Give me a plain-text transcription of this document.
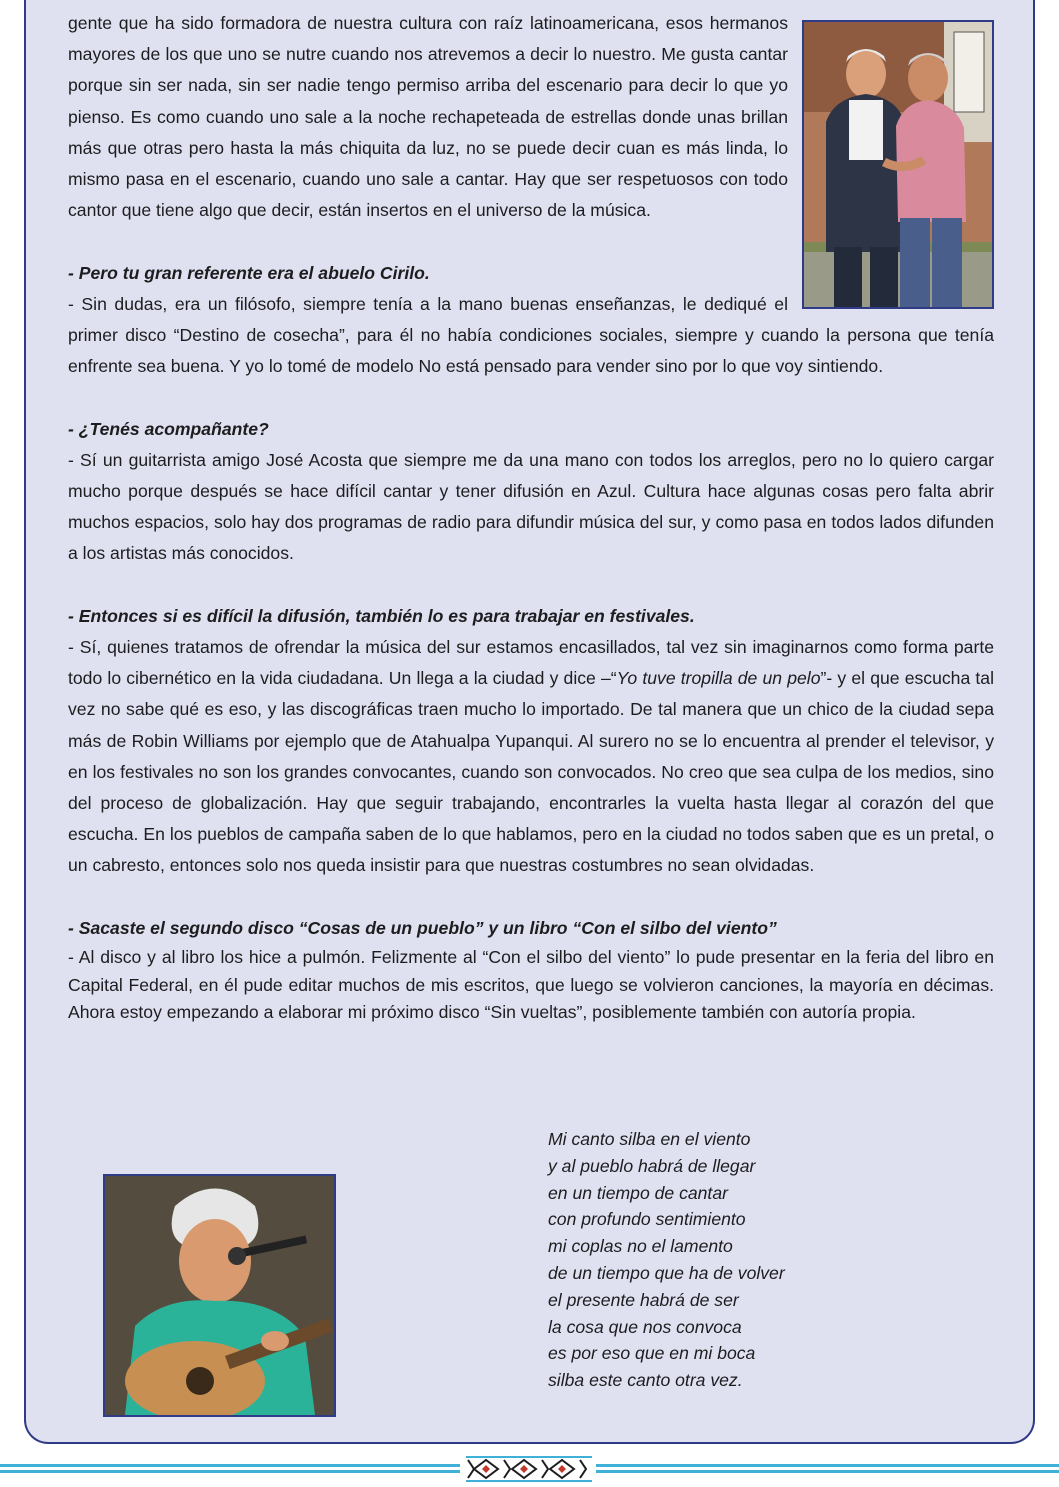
gente que ha sido formadora de nuestra cultura con raíz latinoamericana, esos hermanos mayores de los que uno se nutre cuando nos atrevemos a decir lo nuestro. Me gusta cantar porque sin ser nada, sin ser nadie tengo permiso arriba del escenario para decir lo que yo pienso. Es como cuando uno sale a la noche rechapeteada de estrellas donde unas brillan más que otras pero hasta la más chiquita da luz, no se puede decir cuan es más linda, lo mismo pasa en el escenario, cuando uno sale a cantar. Hay que ser respetuosos con todo cantor que tiene algo que decir, están insertos en el universo de la música.

- Pero tu gran referente era el abuelo Cirilo.

- Sin dudas, era un filósofo, siempre tenía a la mano buenas enseñanzas, le dediqué el primer disco “Destino de cosecha”, para él no había condiciones sociales, siempre y cuando la persona que tenía enfrente sea buena. Y yo lo tomé de modelo No está pensado para vender sino por lo que voy sintiendo.

- ¿Tenés acompañante?

- Sí un guitarrista amigo José Acosta que siempre me da una mano con todos los arreglos, pero no lo quiero cargar mucho porque después se hace difícil cantar y tener difusión en Azul. Cultura hace algunas cosas pero falta abrir muchos espacios, solo hay dos programas de radio para difundir música del sur, y como pasa en todos lados difunden a los artistas más conocidos.

- Entonces si es difícil la difusión, también lo es para trabajar en festivales.

- Sí, quienes tratamos de ofrendar la música del sur estamos encasillados, tal vez sin imaginarnos como forma parte todo lo cibernético en la vida ciudadana. Un llega a la ciudad y dice –“Yo tuve tropilla de un pelo”- y el que escucha tal vez no sabe qué es eso, y las discográficas traen mucho lo importado. De tal manera que un chico de la ciudad sepa más de Robin Williams por ejemplo que de Atahualpa Yupanqui. Al surero no se lo encuentra al prender el televisor, y en los festivales no son los grandes convocantes, cuando son convocados. No creo que sea culpa de los medios, sino del proceso de globalización. Hay que seguir trabajando, encontrarles la vuelta hasta llegar al corazón del que escucha. En los pueblos de campaña saben de lo que hablamos, pero en la ciudad no todos saben que es un pretal, o un cabresto, entonces solo nos queda insistir para que nuestras costumbres no sean olvidadas.

- Sacaste el segundo disco “Cosas de un pueblo” y un libro “Con el silbo del viento”

- Al disco y al libro los hice a pulmón. Felizmente al “Con el silbo del viento” lo pude presentar en la feria del libro en Capital Federal, en él pude editar muchos de mis escritos, que luego se volvieron canciones, la mayoría en décimas. Ahora estoy empezando a elaborar mi próximo disco “Sin vueltas”, posiblemente también con autoría propia.

Mi canto silba en el viento
y al pueblo habrá de llegar
en un tiempo de cantar
con profundo sentimiento
mi coplas no el lamento
de un tiempo que ha de volver
el presente habrá de ser
la cosa que nos convoca
es por eso que en mi boca
silba este canto otra vez.
